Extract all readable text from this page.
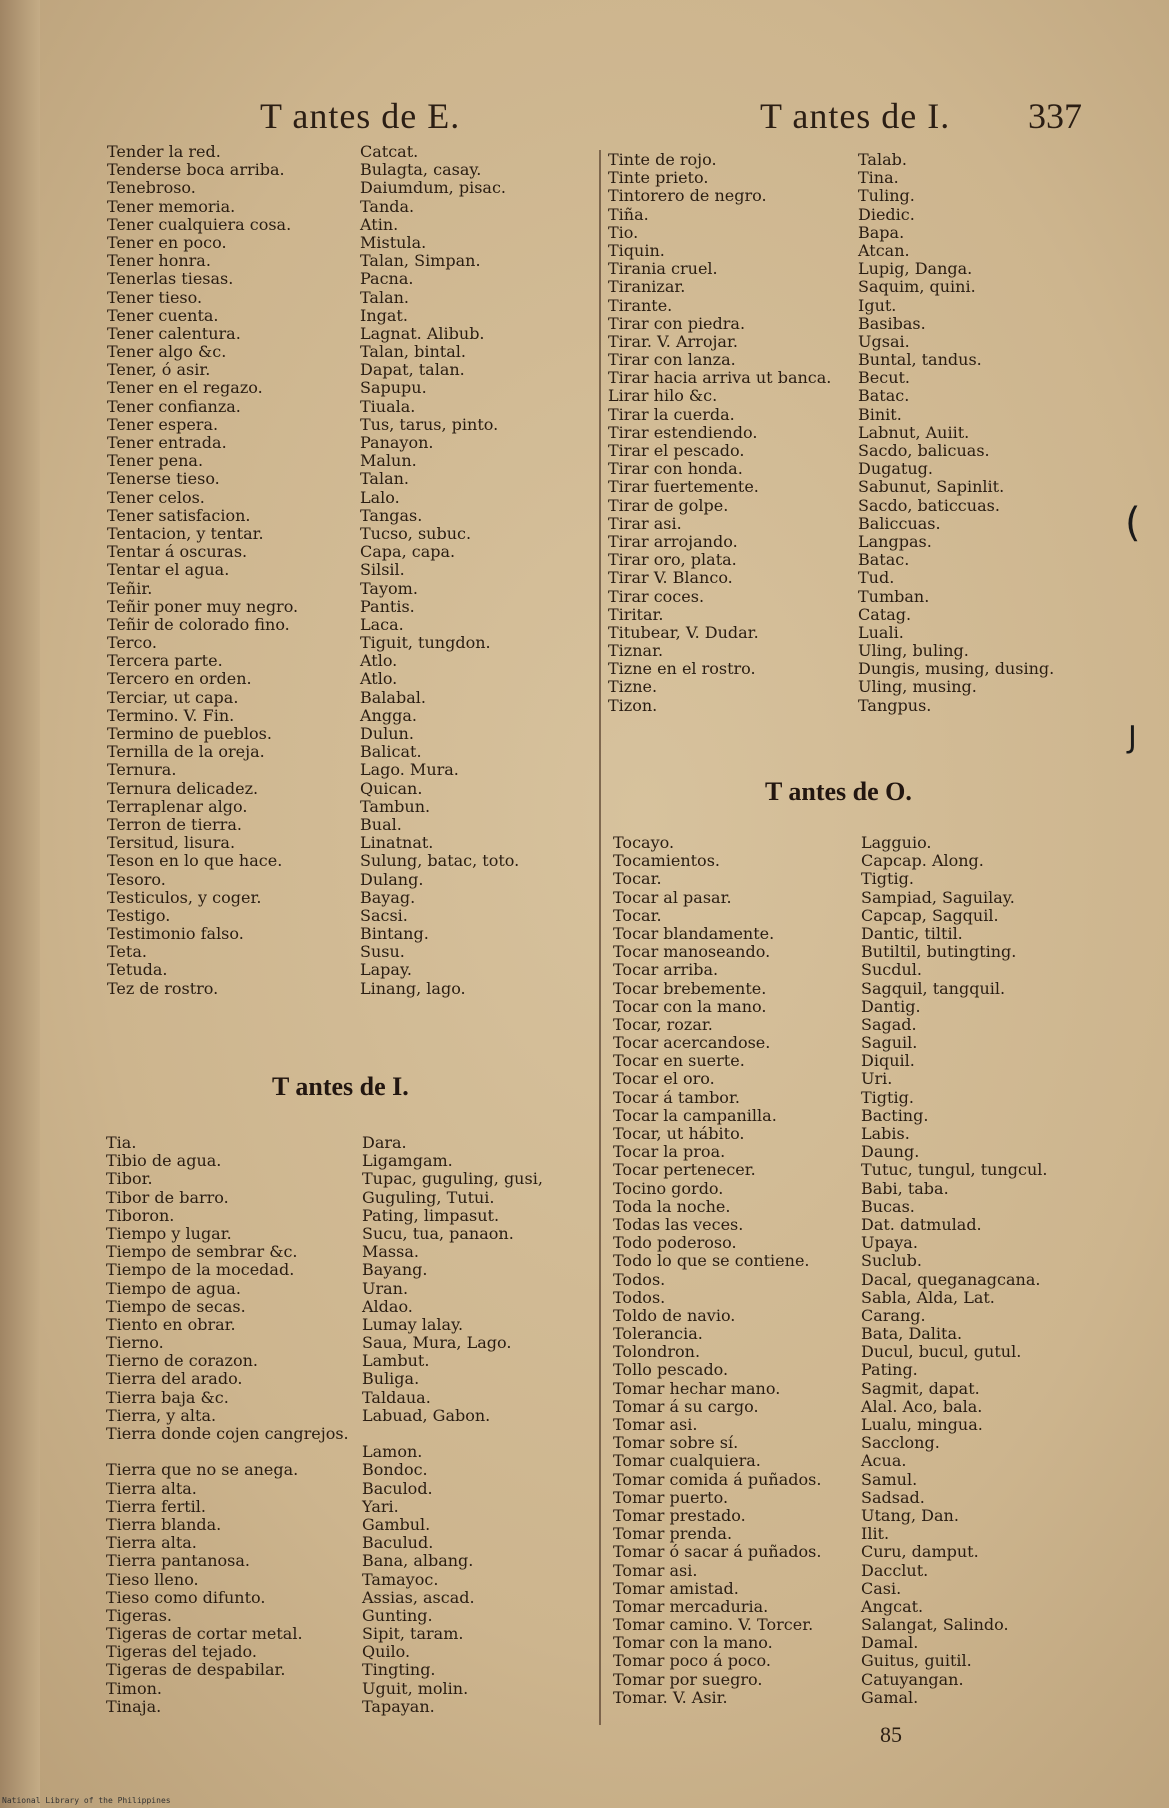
T antes de E.	T antes de I. 337
Tender la red.	Catcat.
Tenderse boca arriba.	Bulagta, casay.
Tenebroso.	Daiumdum, pisac.
Tener memoria.	Tanda.
Tener cualquiera cosa.	Atin.
Tener en poco.	Mistula.
Tener honra.	Talan, Simpan.
Tenerlas tiesas.	Pacna.
Tener tieso.	Talan.
Tener cuenta.	Ingat.
Tener calentura.	Lagnat. Alibub.
Tener algo &c.	Talan, bintal.
Tener, ó asir.	Dapat, talan.
Tener en el regazo.	Sapupu.
Tener confianza.	Tiuala.
Tener espera.	Tus, tarus, pinto.
Tener entrada.	Panayon.
Tener pena.	Malun.
Tenerse tieso.	Talan.
Tener celos.	Lalo.
Tener satisfacion.	Tangas.
Tentacion, y tentar.	Tucso, subuc.
Tentar á oscuras.	Capa, capa.
Tentar el agua.	Silsil.
Teñir.	Tayom.
Teñir poner muy negro.	Pantis.
Teñir de colorado fino.	Laca.
Terco.	Tiguit, tungdon.
Tercera parte.	Atlo.
Tercero en orden.	Atlo.
Terciar, ut capa.	Balabal.
Termino. V. Fin.	Angga.
Termino de pueblos.	Dulun.
Ternilla de la oreja.	Balicat.
Ternura.	Lago. Mura.
Ternura delicadez.	Quican.
Terraplenar algo.	Tambun.
Terron de tierra.	Bual.
Tersitud, lisura.	Linatnat.
Teson en lo que hace.	Sulung, batac, toto.
Tesoro.	Dulang.
Testiculos, y coger.	Bayag.
Testigo.	Sacsi.
Testimonio falso.	Bintang.
Teta.	Susu.
Tetuda.	Lapay.
Tez de rostro.	Linang, lago.
T antes de I.
Tia.	Dara.
Tibio de agua.	Ligamgam.
Tibor.	Tupac, guguling, gusi,
Tibor de barro.	Guguling, Tutui.
Tiboron.	Pating, limpasut.
Tiempo y lugar.	Sucu, tua, panaon.
Tiempo de sembrar &c.	Massa.
Tiempo de la mocedad.	Bayang.
Tiempo de agua.	Uran.
Tiempo de secas.	Aldao.
Tiento en obrar.	Lumay lalay.
Tierno.	Saua, Mura, Lago.
Tierno de corazon.	Lambut.
Tierra del arado.	Buliga.
Tierra baja &c.	Taldaua.
Tierra, y alta.	Labuad, Gabon.
Tierra donde cojen cangrejos.
Lamon.
Tierra que no se anega.	Bondoc.
Tierra alta.	Baculod.
Tierra fertil.	Yari.
Tierra blanda.	Gambul.
Tierra alta.	Baculud.
Tierra pantanosa.	Bana, albang.
Tieso lleno.	Tamayoc.
Tieso como difunto.	Assias, ascad.
Tigeras.	Gunting.
Tigeras de cortar metal.	Sipit, taram.
Tigeras del tejado.	Quilo.
Tigeras de despabilar.	Tingting.
Timon.	Uguit, molin.
Tinaja.	Tapayan.
Tinte de rojo.	Talab.
Tinte prieto.	Tina.
Tintorero de negro.	Tuling.
Tiña.	Diedic.
Tio.	Bapa.
Tiquin.	Atcan.
Tirania cruel.	Lupig, Danga.
Tiranizar.	Saquim, quini.
Tirante.	Igut.
Tirar con piedra.	Basibas.
Tirar. V. Arrojar.	Ugsai.
Tirar con lanza.	Buntal, tandus.
Tirar hacia arriva ut banca.	Becut.
Lirar hilo &c.	Batac.
Tirar la cuerda.	Binit.
Tirar estendiendo.	Labnut, Auiit.
Tirar el pescado.	Sacdo, balicuas.
Tirar con honda.	Dugatug.
Tirar fuertemente.	Sabunut, Sapinlit.
Tirar de golpe.	Sacdo, baticcuas.
Tirar asi.	Baliccuas.
Tirar arrojando.	Langpas.
Tirar oro, plata.	Batac.
Tirar V. Blanco.	Tud.
Tirar coces.	Tumban.
Tiritar.	Catag.
Titubear, V. Dudar.	Luali.
Tiznar.	Uling, buling.
Tizne en el rostro.	Dungis, musing, dusing.
Tizne.	Uling, musing.
Tizon.	Tangpus.
T antes de O.
Tocayo.	Lagguio.
Tocamientos.	Capcap. Along.
Tocar.	Tigtig.
Tocar al pasar.	Sampiad, Saguilay.
Tocar.	Capcap, Sagquil.
Tocar blandamente.	Dantic, tiltil.
Tocar manoseando.	Butiltil, butingting.
Tocar arriba.	Sucdul.
Tocar brebemente.	Sagquil, tangquil.
Tocar con la mano.	Dantig.
Tocar, rozar.	Sagad.
Tocar acercandose.	Saguil.
Tocar en suerte.	Diquil.
Tocar el oro.	Uri.
Tocar á tambor.	Tigtig.
Tocar la campanilla.	Bacting.
Tocar, ut hábito.	Labis.
Tocar la proa.	Daung.
Tocar pertenecer.	Tutuc, tungul, tungcul.
Tocino gordo.	Babi, taba.
Toda la noche.	Bucas.
Todas las veces.	Dat. datmulad.
Todo poderoso.	Upaya.
Todo lo que se contiene.	Suclub.
Todos.	Dacal, queganagcana.
Todos.	Sabla, Alda, Lat.
Toldo de navio.	Carang.
Tolerancia.	Bata, Dalita.
Tolondron.	Ducul, bucul, gutul.
Tollo pescado.	Pating.
Tomar hechar mano.	Sagmit, dapat.
Tomar á su cargo.	Alal. Aco, bala.
Tomar asi.	Lualu, mingua.
Tomar sobre sí.	Sacclong.
Tomar cualquiera.	Acua.
Tomar comida á puñados.	Samul.
Tomar puerto.	Sadsad.
Tomar prestado.	Utang, Dan.
Tomar prenda.	Ilit.
Tomar ó sacar á puñados.	Curu, damput.
Tomar asi.	Dacclut.
Tomar amistad.	Casi.
Tomar mercaduria.	Angcat.
Tomar camino. V. Torcer.	Salangat, Salindo.
Tomar con la mano.	Damal.
Tomar poco á poco.	Guitus, guitil.
Tomar por suegro.	Catuyangan.
Tomar. V. Asir.	Gamal.
85
National Library of the Philippines
(
J
